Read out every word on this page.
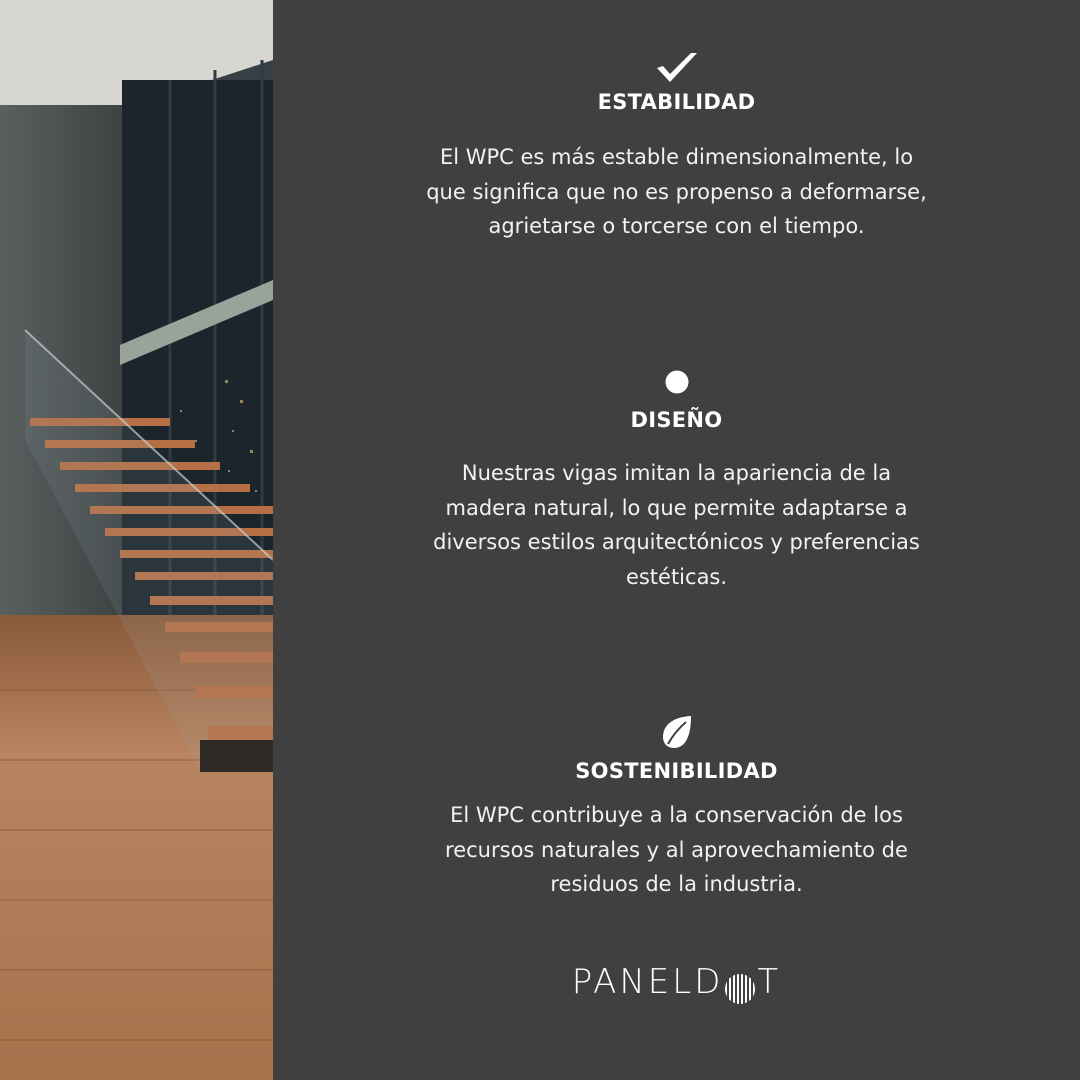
ESTABILIDAD

El WPC es más estable dimensionalmente, lo
que significa que no es propenso a deformarse,
agrietarse o torcerse con el tiempo.

DISEÑO

Nuestras vigas imitan la apariencia de la
madera natural, lo que permite adaptarse a
diversos estilos arquitectónicos y preferencias
estéticas.

SOSTENIBILIDAD

El WPC contribuye a la conservación de los
recursos naturales y al aprovechamiento de
residuos de la industria.

PANELD T
